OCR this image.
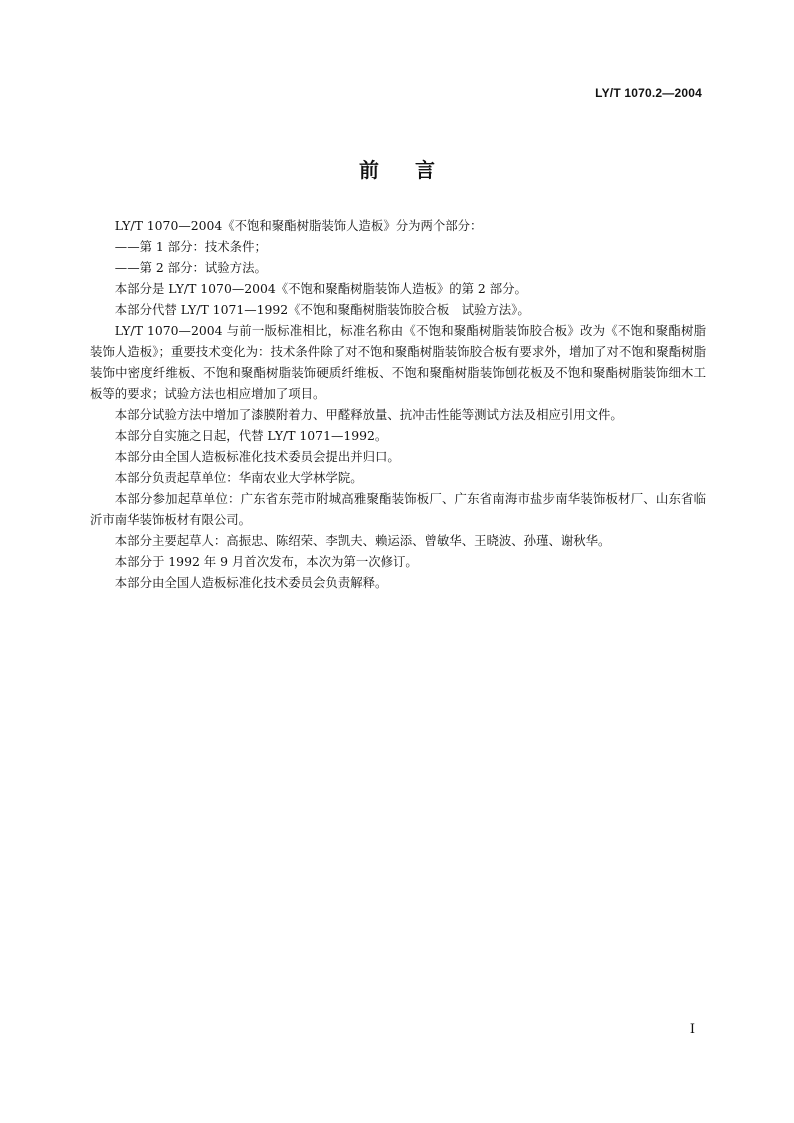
LY/T 1070.2—2004
前言

LY/T 1070—2004《不饱和聚酯树脂装饰人造板》分为两个部分：

——第 1 部分：技术条件；

——第 2 部分：试验方法。

本部分是 LY/T 1070—2004《不饱和聚酯树脂装饰人造板》的第 2 部分。

本部分代替 LY/T 1071—1992《不饱和聚酯树脂装饰胶合板　试验方法》。

LY/T 1070—2004 与前一版标准相比，标准名称由《不饱和聚酯树脂装饰胶合板》改为《不饱和聚酯树脂装饰人造板》；重要技术变化为：技术条件除了对不饱和聚酯树脂装饰胶合板有要求外，增加了对不饱和聚酯树脂装饰中密度纤维板、不饱和聚酯树脂装饰硬质纤维板、不饱和聚酯树脂装饰刨花板及不饱和聚酯树脂装饰细木工板等的要求；试验方法也相应增加了项目。

本部分试验方法中增加了漆膜附着力、甲醛释放量、抗冲击性能等测试方法及相应引用文件。

本部分自实施之日起，代替 LY/T 1071—1992。

本部分由全国人造板标准化技术委员会提出并归口。

本部分负责起草单位：华南农业大学林学院。

本部分参加起草单位：广东省东莞市附城高雅聚酯装饰板厂、广东省南海市盐步南华装饰板材厂、山东省临沂市南华装饰板材有限公司。

本部分主要起草人：高振忠、陈绍荣、李凯夫、赖运添、曾敏华、王晓波、孙瑾、谢秋华。

本部分于 1992 年 9 月首次发布，本次为第一次修订。

本部分由全国人造板标准化技术委员会负责解释。

I
